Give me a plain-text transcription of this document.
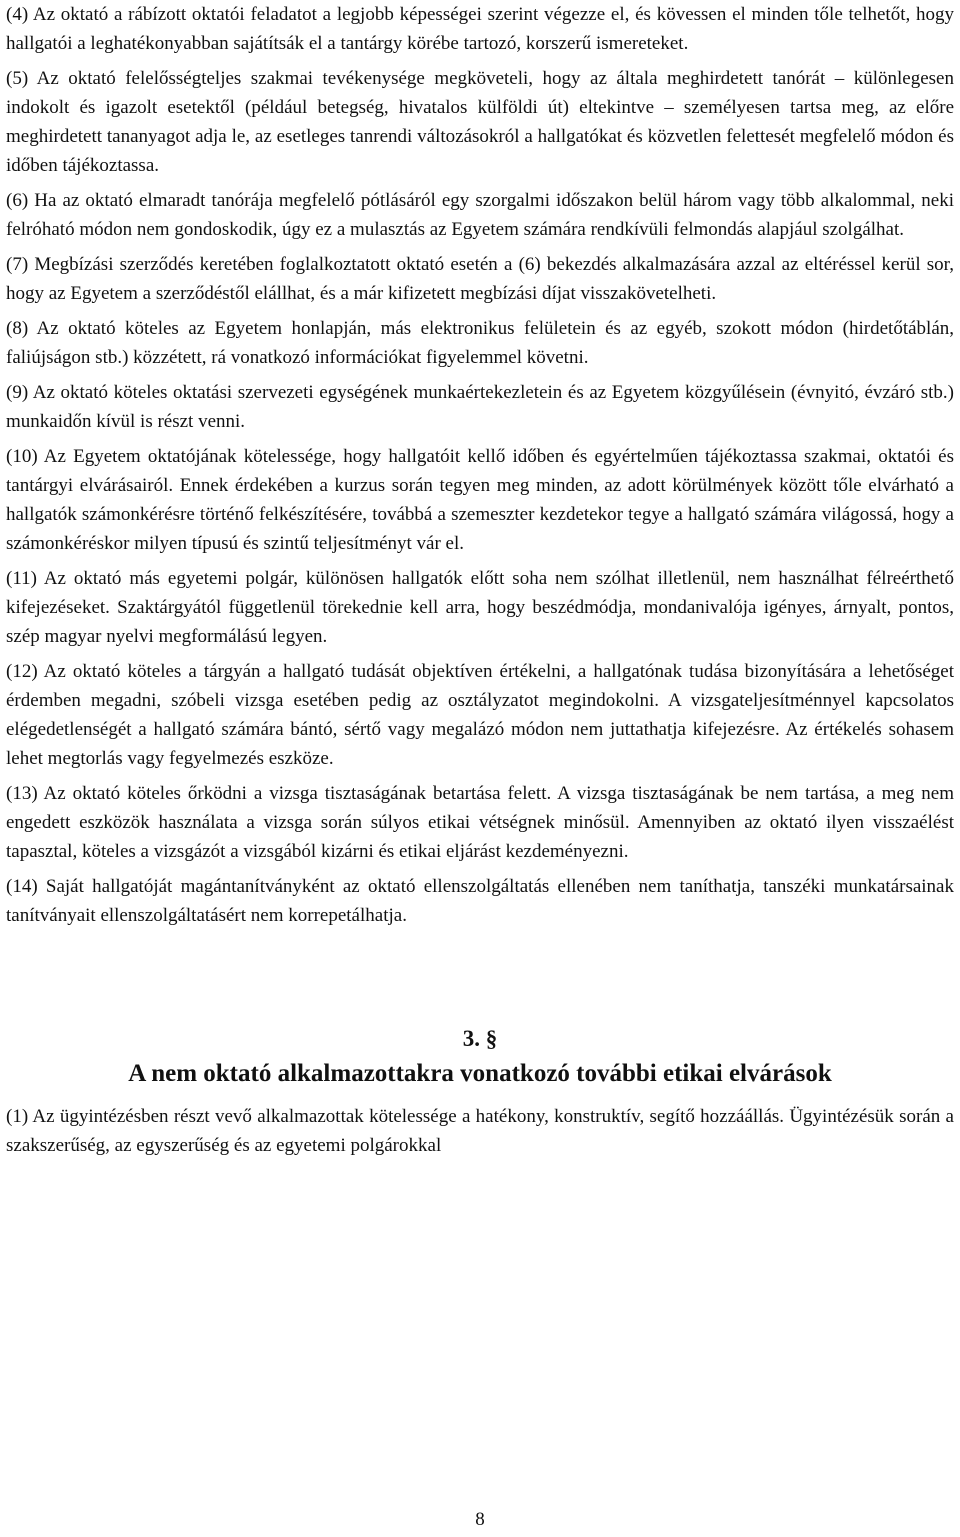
(4) Az oktató a rábízott oktatói feladatot a legjobb képességei szerint végezze el, és kövessen el minden tőle telhetőt, hogy hallgatói a leghatékonyabban sajátítsák el a tantárgy körébe tartozó, korszerű ismereteket.

(5) Az oktató felelősségteljes szakmai tevékenysége megköveteli, hogy az általa meghirdetett tanórát – különlegesen indokolt és igazolt esetektől (például betegség, hivatalos külföldi út) eltekintve – személyesen tartsa meg, az előre meghirdetett tananyagot adja le, az esetleges tanrendi változásokról a hallgatókat és közvetlen felettesét megfelelő módon és időben tájékoztassa.

(6) Ha az oktató elmaradt tanórája megfelelő pótlásáról egy szorgalmi időszakon belül három vagy több alkalommal, neki felróható módon nem gondoskodik, úgy ez a mulasztás az Egyetem számára rendkívüli felmondás alapjául szolgálhat.

(7) Megbízási szerződés keretében foglalkoztatott oktató esetén a (6) bekezdés alkalmazására azzal az eltéréssel kerül sor, hogy az Egyetem a szerződéstől elállhat, és a már kifizetett megbízási díjat visszakövetelheti.

(8) Az oktató köteles az Egyetem honlapján, más elektronikus felületein és az egyéb, szokott módon (hirdetőtáblán, faliújságon stb.) közzétett, rá vonatkozó információkat figyelemmel követni.

(9) Az oktató köteles oktatási szervezeti egységének munkaértekezletein és az Egyetem közgyűlésein (évnyitó, évzáró stb.) munkaidőn kívül is részt venni.

(10) Az Egyetem oktatójának kötelessége, hogy hallgatóit kellő időben és egyértelműen tájékoztassa szakmai, oktatói és tantárgyi elvárásairól. Ennek érdekében a kurzus során tegyen meg minden, az adott körülmények között tőle elvárható a hallgatók számonkérésre történő felkészítésére, továbbá a szemeszter kezdetekor tegye a hallgató számára világossá, hogy a számonkéréskor milyen típusú és szintű teljesítményt vár el.

(11) Az oktató más egyetemi polgár, különösen hallgatók előtt soha nem szólhat illetlenül, nem használhat félreérthető kifejezéseket. Szaktárgyától függetlenül törekednie kell arra, hogy beszédmódja, mondanivalója igényes, árnyalt, pontos, szép magyar nyelvi megformálású legyen.

(12) Az oktató köteles a tárgyán a hallgató tudását objektíven értékelni, a hallgatónak tudása bizonyítására a lehetőséget érdemben megadni, szóbeli vizsga esetében pedig az osztályzatot megindokolni. A vizsgateljesítménnyel kapcsolatos elégedetlenségét a hallgató számára bántó, sértő vagy megalázó módon nem juttathatja kifejezésre. Az értékelés sohasem lehet megtorlás vagy fegyelmezés eszköze.

(13) Az oktató köteles őrködni a vizsga tisztaságának betartása felett. A vizsga tisztaságának be nem tartása, a meg nem engedett eszközök használata a vizsga során súlyos etikai vétségnek minősül. Amennyiben az oktató ilyen visszaélést tapasztal, köteles a vizsgázót a vizsgából kizárni és etikai eljárást kezdeményezni.

(14) Saját hallgatóját magántanítványként az oktató ellenszolgáltatás ellenében nem taníthatja, tanszéki munkatársainak tanítványait ellenszolgáltatásért nem korrepetálhatja.

3. §
A nem oktató alkalmazottakra vonatkozó további etikai elvárások

(1) Az ügyintézésben részt vevő alkalmazottak kötelessége a hatékony, konstruktív, segítő hozzáállás. Ügyintézésük során a szakszerűség, az egyszerűség és az egyetemi polgárokkal

8
